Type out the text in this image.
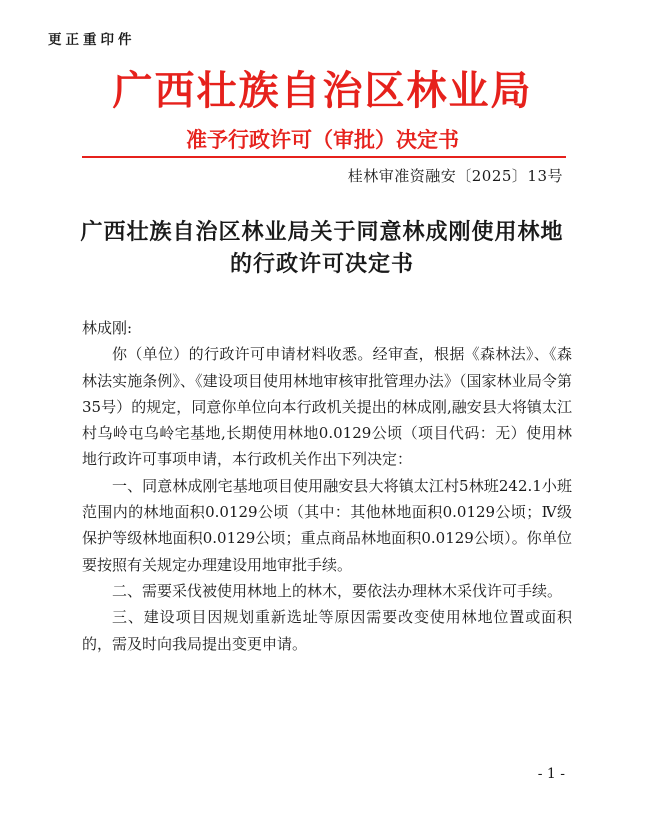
更正重印件
广西壮族自治区林业局
准予行政许可（审批）决定书
桂林审准资融安〔2025〕13号
广西壮族自治区林业局关于同意林成刚使用林地的行政许可决定书

林成刚:

你（单位）的行政许可申请材料收悉。经审查，根据《森林法》、《森林法实施条例》、《建设项目使用林地审核审批管理办法》（国家林业局令第35号）的规定，同意你单位向本行政机关提出的林成刚,融安县大将镇太江村乌岭屯乌岭宅基地,长期使用林地0.0129公顷（项目代码：无）使用林地行政许可事项申请，本行政机关作出下列决定：

一、同意林成刚宅基地项目使用融安县大将镇太江村5林班242.1小班范围内的林地面积0.0129公顷（其中：其他林地面积0.0129公顷；Ⅳ级保护等级林地面积0.0129公顷；重点商品林地面积0.0129公顷）。你单位要按照有关规定办理建设用地审批手续。

二、需要采伐被使用林地上的林木，要依法办理林木采伐许可手续。

三、建设项目因规划重新选址等原因需要改变使用林地位置或面积的，需及时向我局提出变更申请。

- 1 -
